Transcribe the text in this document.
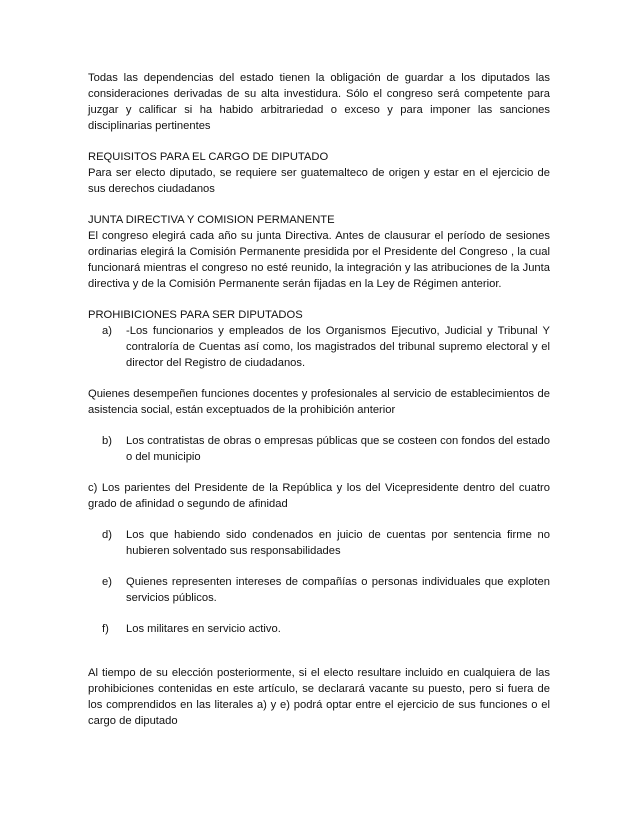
Todas las dependencias del estado tienen la obligación de guardar a los diputados las consideraciones derivadas de su alta investidura. Sólo el congreso será competente para juzgar y calificar si ha habido arbitrariedad o exceso y para imponer las sanciones disciplinarias pertinentes

REQUISITOS PARA EL CARGO DE DIPUTADO

Para ser electo diputado, se requiere ser guatemalteco de origen y estar en el ejercicio de sus derechos ciudadanos

JUNTA DIRECTIVA Y COMISION PERMANENTE

El congreso elegirá cada año su junta Directiva. Antes de clausurar el período de sesiones ordinarias elegirá la Comisión Permanente presidida por el Presidente del Congreso , la cual funcionará mientras el congreso no esté reunido, la integración y las atribuciones de la Junta directiva y de la Comisión Permanente serán fijadas en la Ley de Régimen anterior.

PROHIBICIONES PARA SER DIPUTADOS

a)	-Los funcionarios y empleados de los Organismos Ejecutivo, Judicial y Tribunal Y contraloría de Cuentas así como, los magistrados del tribunal supremo electoral y el director del Registro de ciudadanos.

Quienes desempeñen funciones docentes y profesionales al servicio de establecimientos de asistencia social, están exceptuados de la prohibición anterior

b)	Los contratistas de obras o empresas públicas que se costeen con fondos del estado o del municipio

c) Los parientes del Presidente de la República y los del Vicepresidente dentro del cuatro grado de afinidad o segundo de afinidad

d)	Los que habiendo sido condenados en juicio de cuentas por sentencia firme no hubieren solventado sus responsabilidades
e)	Quienes representen intereses de compañías o personas individuales que exploten servicios públicos.
f)	Los militares en servicio activo.

Al tiempo de su elección posteriormente, si el electo resultare incluido en cualquiera de las prohibiciones contenidas en este artículo, se declarará vacante su puesto, pero si fuera de los comprendidos en las literales a) y e) podrá optar entre el ejercicio de sus funciones o el cargo de diputado
